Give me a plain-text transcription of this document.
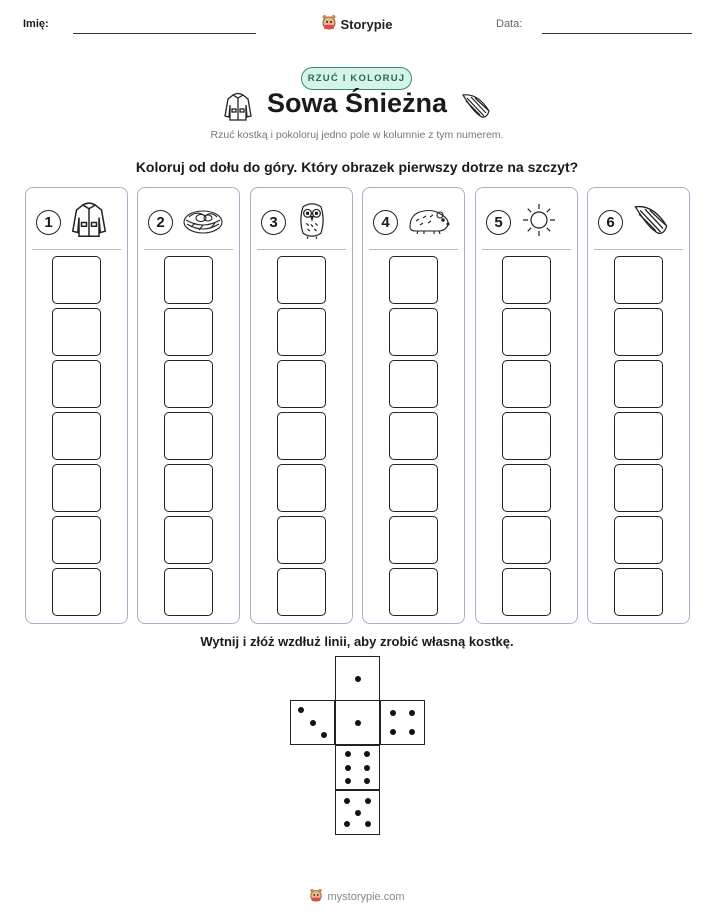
Imię:	Data:
Storypie
RZUĆ I KOLORUJ
Sowa Śnieżna
Rzuć kostką i pokoloruj jedno pole w kolumnie z tym numerem.
Koloruj od dołu do góry. Który obrazek pierwszy dotrze na szczyt?
1	2	3	4	5	6
Wytnij i złóż wzdłuż linii, aby zrobić własną kostkę.
mystorypie.com
